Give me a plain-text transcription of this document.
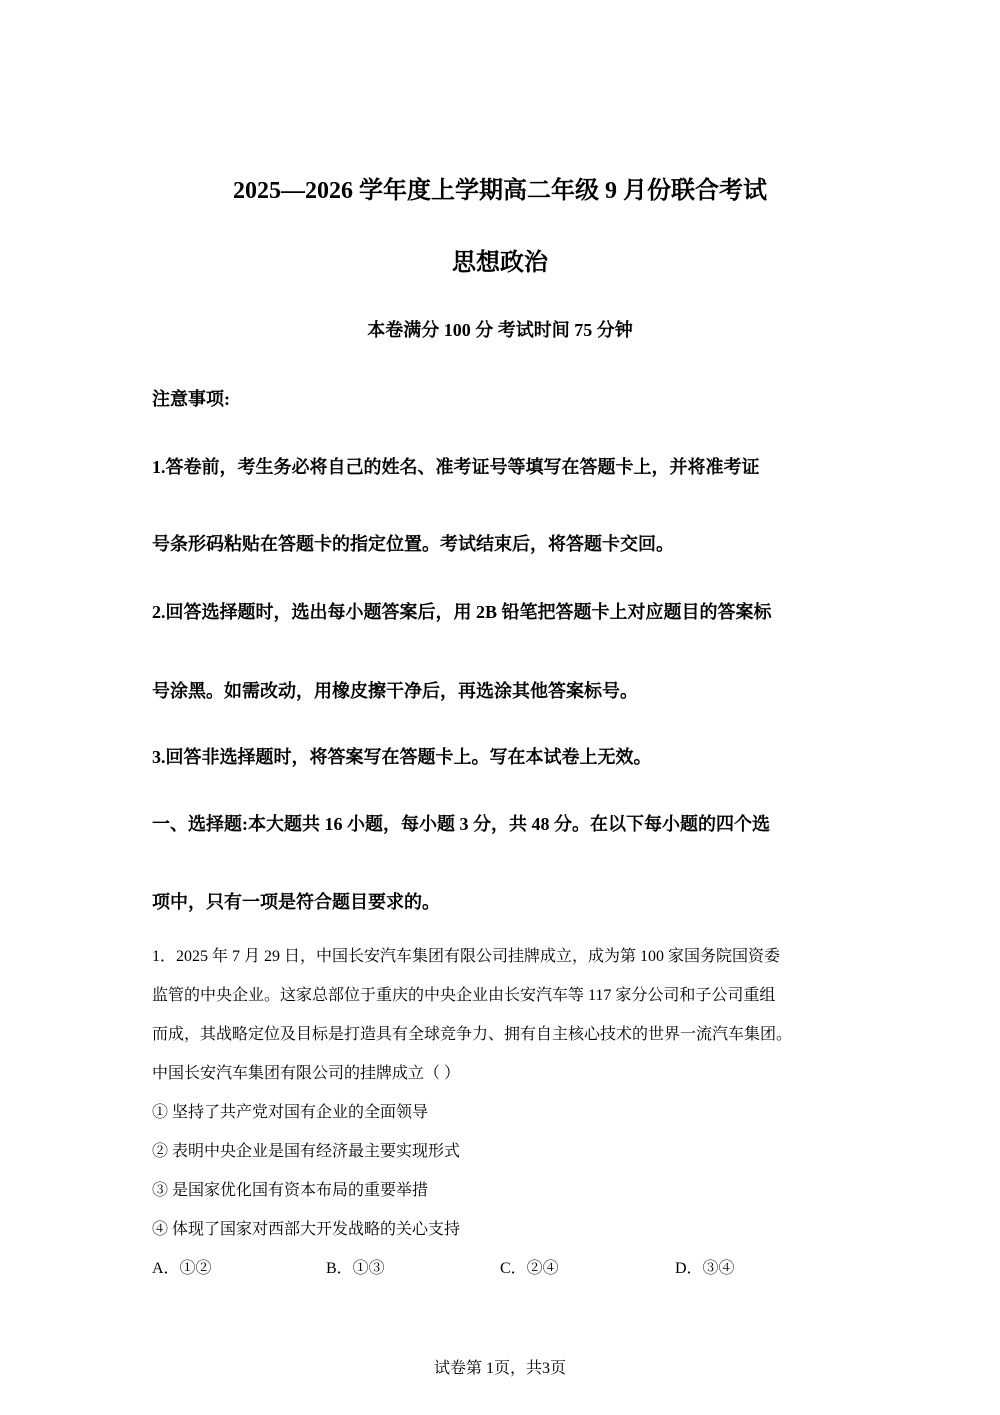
2025—2026 学年度上学期高二年级 9 月份联合考试
思想政治
本卷满分 100 分 考试时间 75 分钟
注意事项:
1.答卷前，考生务必将自己的姓名、准考证号等填写在答题卡上，并将准考证
号条形码粘贴在答题卡的指定位置。考试结束后，将答题卡交回。
2.回答选择题时，选出每小题答案后，用 2B 铅笔把答题卡上对应题目的答案标
号涂黑。如需改动，用橡皮擦干净后，再选涂其他答案标号。
3.回答非选择题时，将答案写在答题卡上。写在本试卷上无效。
一、选择题:本大题共 16 小题，每小题 3 分，共 48 分。在以下每小题的四个选
项中，只有一项是符合题目要求的。
1．2025 年 7 月 29 日，中国长安汽车集团有限公司挂牌成立，成为第 100 家国务院国资委
监管的中央企业。这家总部位于重庆的中央企业由长安汽车等 117 家分公司和子公司重组
而成，其战略定位及目标是打造具有全球竞争力、拥有自主核心技术的世界一流汽车集团。
中国长安汽车集团有限公司的挂牌成立（ ）
① 坚持了共产党对国有企业的全面领导
② 表明中央企业是国有经济最主要实现形式
③ 是国家优化国有资本布局的重要举措
④ 体现了国家对西部大开发战略的关心支持
A．①②	B．①③	C．②④	D．③④
试卷第 1页，共3页
